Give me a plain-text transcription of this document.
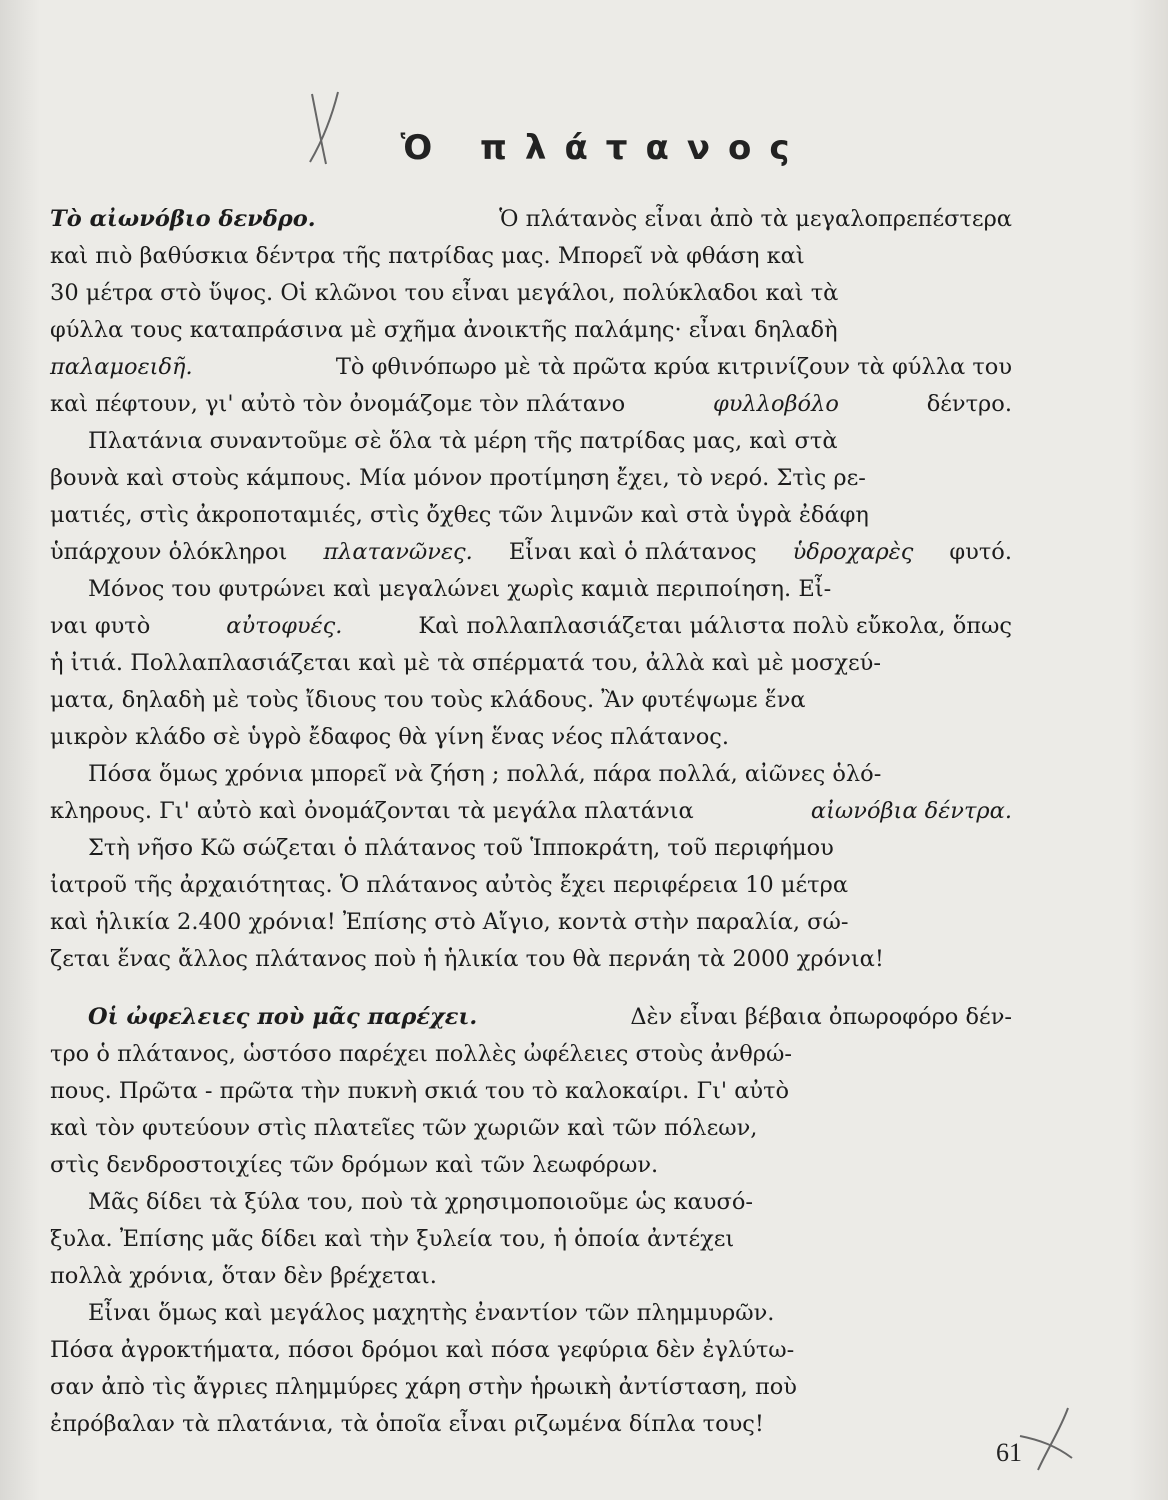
Ὁ πλάτανος
Τὸ αἰωνόβιο δενδρο.	Ὁ πλάτανὸς εἶναι ἀπὸ τὰ μεγαλοπρεπέστερα
καὶ πιὸ βαθύσκια δέντρα τῆς πατρίδας μας. Μπορεῖ νὰ φθάση καὶ
30 μέτρα στὸ ὕψος. Οἱ κλῶνοι του εἶναι μεγάλοι, πολύκλαδοι καὶ τὰ
φύλλα τους καταπράσινα μὲ σχῆμα ἀνοικτῆς παλάμης· εἶναι δηλαδὴ
παλαμοειδῆ.	Τὸ φθινόπωρο μὲ τὰ πρῶτα κρύα κιτρινίζουν τὰ φύλλα του
καὶ πέφτουν, γι' αὐτὸ τὸν ὀνομάζομε τὸν πλάτανο	φυλλοβόλο	δέντρο.
Πλατάνια συναντοῦμε σὲ ὅλα τὰ μέρη τῆς πατρίδας μας, καὶ στὰ
βουνὰ καὶ στοὺς κάμπους. Μία μόνον προτίμηση ἔχει, τὸ νερό. Στὶς ρε-
ματιές, στὶς ἀκροποταμιές, στὶς ὄχθες τῶν λιμνῶν καὶ στὰ ὑγρὰ ἐδάφη
ὑπάρχουν ὁλόκληροι πλατανῶνες. Εἶναι καὶ ὁ πλάτανος ὑδροχαρὲς φυτό.
Μόνος του φυτρώνει καὶ μεγαλώνει χωρὶς καμιὰ περιποίηση. Εἶ-
ναι φυτὸ	αὐτοφυές.	Καὶ πολλαπλασιάζεται μάλιστα πολὺ εὔκολα, ὅπως
ἡ ἰτιά. Πολλαπλασιάζεται καὶ μὲ τὰ σπέρματά του, ἀλλὰ καὶ μὲ μοσχεύ-
ματα, δηλαδὴ μὲ τοὺς ἴδιους του τοὺς κλάδους. Ἂν φυτέψωμε ἕνα
μικρὸν κλάδο σὲ ὑγρὸ ἔδαφος θὰ γίνη ἕνας νέος πλάτανος.
Πόσα ὅμως χρόνια μπορεῖ νὰ ζήση ; πολλά, πάρα πολλά, αἰῶνες ὁλό-
κληρους. Γι' αὐτὸ καὶ ὀνομάζονται τὰ μεγάλα πλατάνια	αἰωνόβια δέντρα.
Στὴ νῆσο Κῶ σώζεται ὁ πλάτανος τοῦ Ἱπποκράτη, τοῦ περιφήμου
ἰατροῦ τῆς ἀρχαιότητας. Ὁ πλάτανος αὐτὸς ἔχει περιφέρεια 10 μέτρα
καὶ ἡλικία 2.400 χρόνια! Ἐπίσης στὸ Αἴγιο, κοντὰ στὴν παραλία, σώ-
ζεται ἕνας ἄλλος πλάτανος ποὺ ἡ ἡλικία του θὰ περνάη τὰ 2000 χρόνια!
Οἱ ὠφελειες ποὺ μᾶς παρέχει.	Δὲν εἶναι βέβαια ὀπωροφόρο δέν-
τρο ὁ πλάτανος, ὡστόσο παρέχει πολλὲς ὠφέλειες στοὺς ἀνθρώ-
πους. Πρῶτα - πρῶτα τὴν πυκνὴ σκιά του τὸ καλοκαίρι. Γι' αὐτὸ
καὶ τὸν φυτεύουν στὶς πλατεῖες τῶν χωριῶν καὶ τῶν πόλεων,
στὶς δενδροστοιχίες τῶν δρόμων καὶ τῶν λεωφόρων.
Μᾶς δίδει τὰ ξύλα του, ποὺ τὰ χρησιμοποιοῦμε ὡς καυσό-
ξυλα. Ἐπίσης μᾶς δίδει καὶ τὴν ξυλεία του, ἡ ὁποία ἀντέχει
πολλὰ χρόνια, ὅταν δὲν βρέχεται.
Εἶναι ὅμως καὶ μεγάλος μαχητὴς ἐναντίον τῶν πλημμυρῶν.
Πόσα ἀγροκτήματα, πόσοι δρόμοι καὶ πόσα γεφύρια δὲν ἐγλύτω-
σαν ἀπὸ τὶς ἄγριες πλημμύρες χάρη στὴν ἡρωικὴ ἀντίσταση, ποὺ
ἐπρόβαλαν τὰ πλατάνια, τὰ ὁποῖα εἶναι ριζωμένα δίπλα τους!
61
